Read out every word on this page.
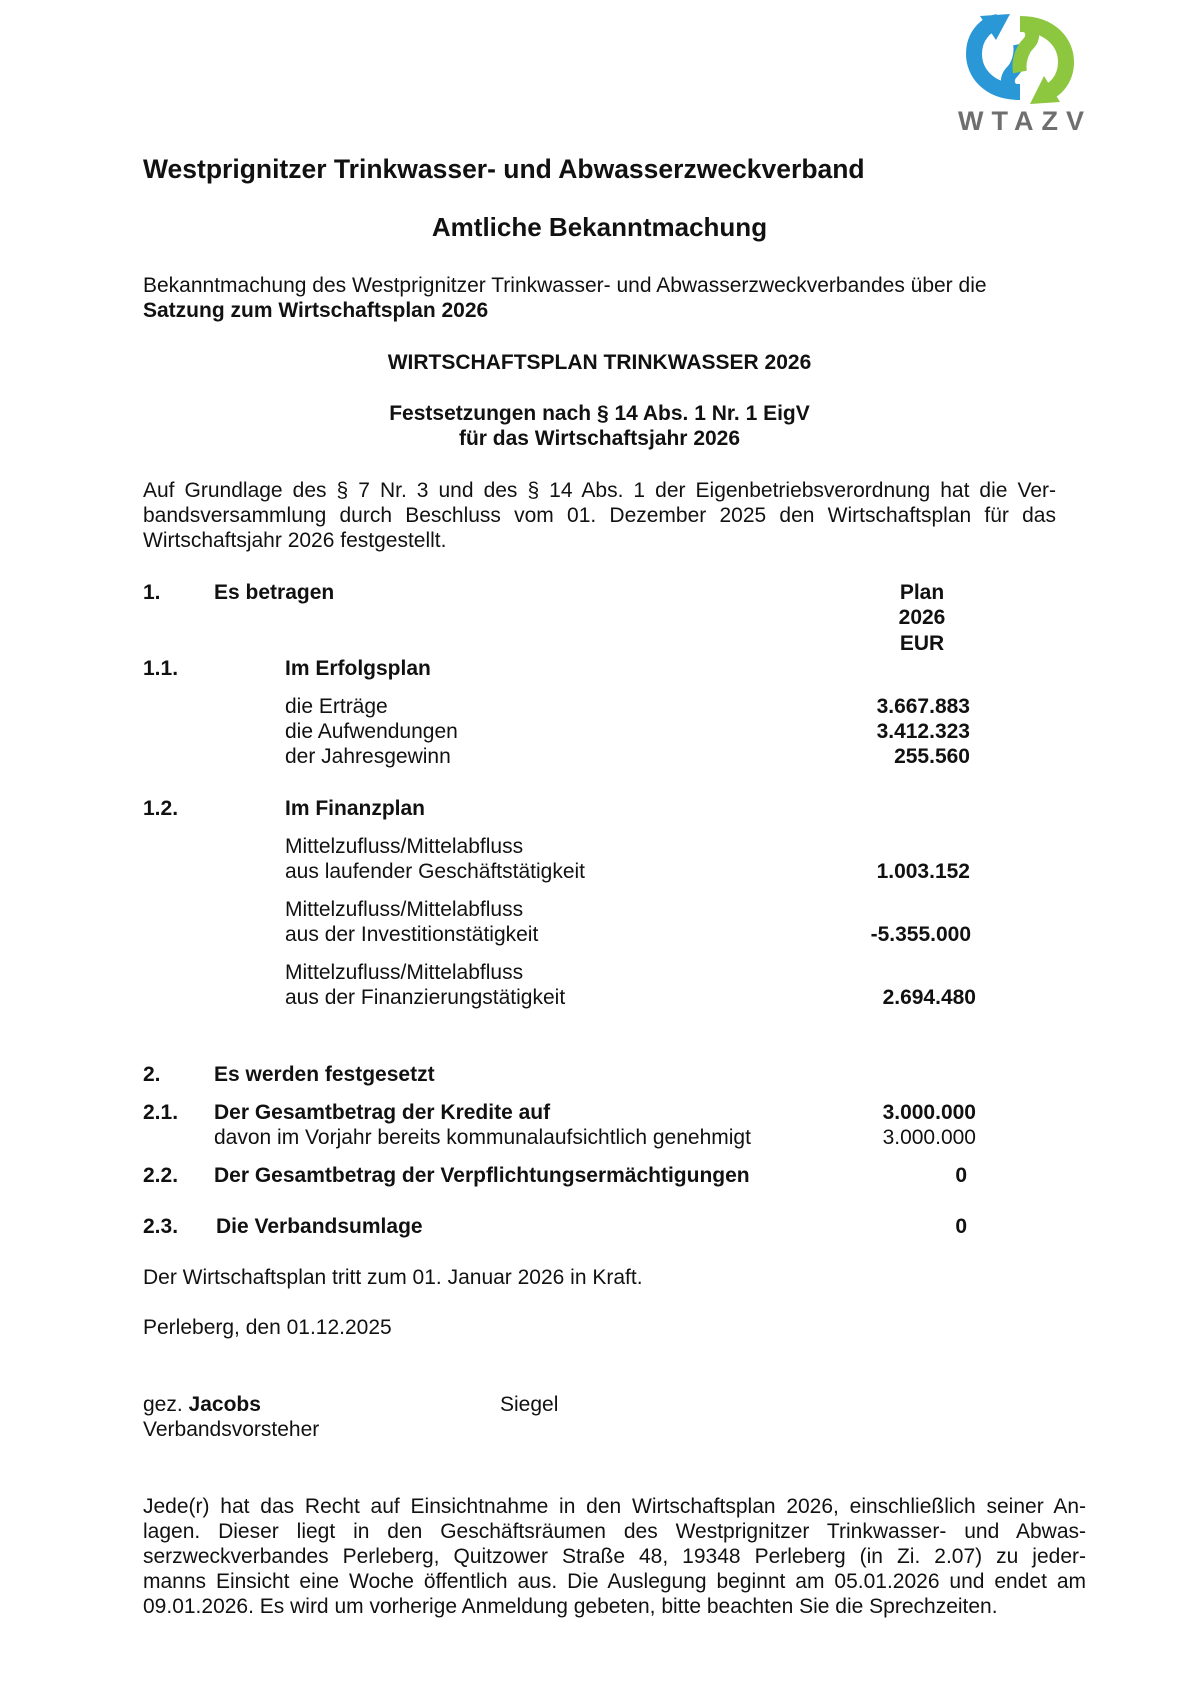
WTAZV
Westprignitzer Trinkwasser- und Abwasserzweckverband
Amtliche Bekanntmachung
Bekanntmachung des Westprignitzer Trinkwasser- und Abwasserzweckverbandes über die
Satzung zum Wirtschaftsplan 2026
WIRTSCHAFTSPLAN TRINKWASSER 2026
Festsetzungen nach § 14 Abs. 1 Nr. 1 EigV
für das Wirtschaftsjahr 2026
Auf Grundlage des § 7 Nr. 3 und des § 14 Abs. 1 der Eigenbetriebsverordnung hat die Ver-
bandsversammlung durch Beschluss vom 01. Dezember 2025 den Wirtschaftsplan für das
Wirtschaftsjahr 2026 festgestellt.
1.	Es betragen	Plan
2026
EUR
1.1.	Im Erfolgsplan
die Erträge	3.667.883
die Aufwendungen	3.412.323
der Jahresgewinn	255.560
1.2.	Im Finanzplan
Mittelzufluss/Mittelabfluss
aus laufender Geschäftstätigkeit	1.003.152
Mittelzufluss/Mittelabfluss
aus der Investitionstätigkeit	-5.355.000
Mittelzufluss/Mittelabfluss
aus der Finanzierungstätigkeit	2.694.480
2.	Es werden festgesetzt
2.1. Der Gesamtbetrag der Kredite auf	3.000.000
davon im Vorjahr bereits kommunalaufsichtlich genehmigt	3.000.000
2.2. Der Gesamtbetrag der Verpflichtungsermächtigungen	0
2.3. Die Verbandsumlage	0
Der Wirtschaftsplan tritt zum 01. Januar 2026 in Kraft.
Perleberg, den 01.12.2025
gez. Jacobs
Verbandsvorsteher
Siegel
Jede(r) hat das Recht auf Einsichtnahme in den Wirtschaftsplan 2026, einschließlich seiner An-
lagen. Dieser liegt in den Geschäftsräumen des Westprignitzer Trinkwasser- und Abwas-
serzweckverbandes Perleberg, Quitzower Straße 48, 19348 Perleberg (in Zi. 2.07) zu jeder-
manns Einsicht eine Woche öffentlich aus. Die Auslegung beginnt am 05.01.2026 und endet am
09.01.2026. Es wird um vorherige Anmeldung gebeten, bitte beachten Sie die Sprechzeiten.
